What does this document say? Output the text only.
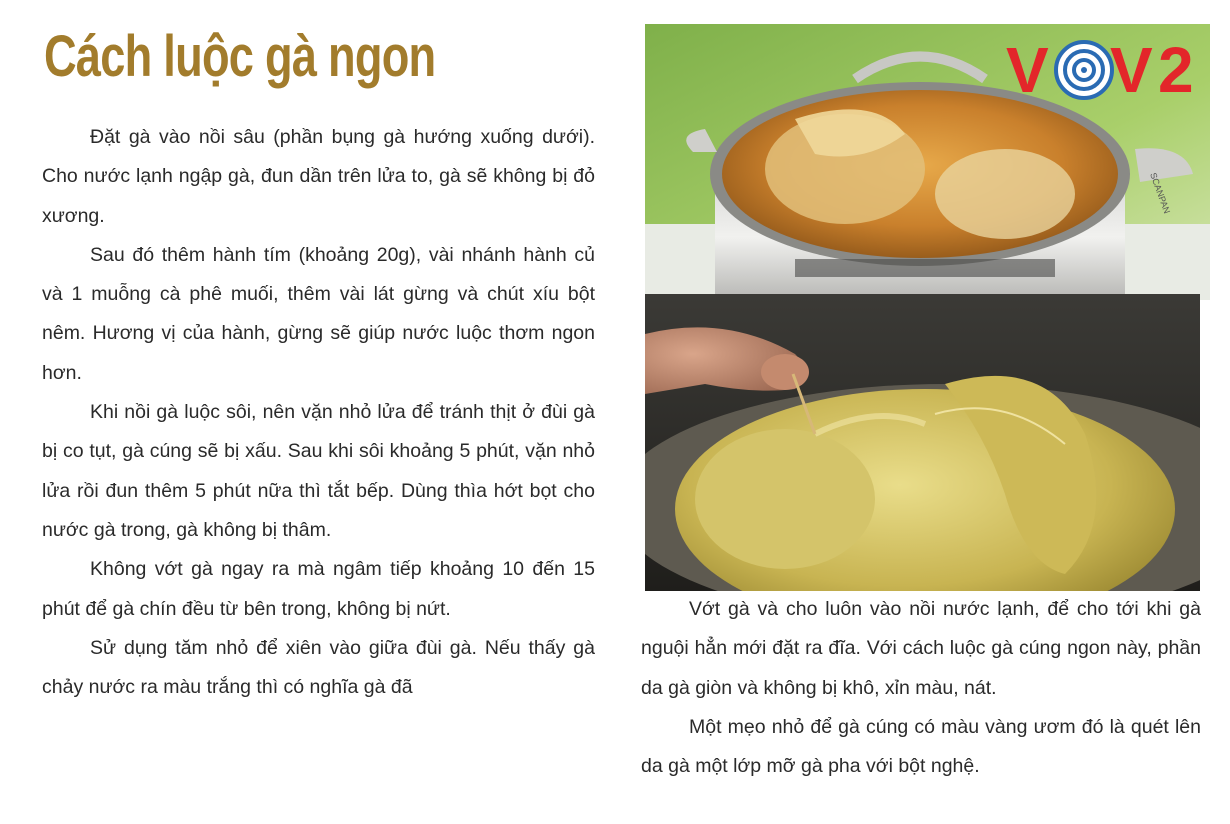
Cách luộc gà ngon

Đặt gà vào nồi sâu (phần bụng gà hướng xuống dưới). Cho nước lạnh ngập gà, đun dần trên lửa to, gà sẽ không bị đỏ xương.

Sau đó thêm hành tím (khoảng 20g), vài nhánh hành củ và 1 muỗng cà phê muối, thêm vài lát gừng và chút xíu bột nêm. Hương vị của hành, gừng sẽ giúp nước luộc thơm ngon hơn.

Khi nồi gà luộc sôi, nên vặn nhỏ lửa để tránh thịt ở đùi gà bị co tụt, gà cúng sẽ bị xấu. Sau khi sôi khoảng 5 phút, vặn nhỏ lửa rồi đun thêm 5 phút nữa thì tắt bếp. Dùng thìa hớt bọt cho nước gà trong, gà không bị thâm.

Không vớt gà ngay ra mà ngâm tiếp khoảng 10 đến 15 phút để gà chín đều từ bên trong, không bị nứt.

Sử dụng tăm nhỏ để xiên vào giữa đùi gà. Nếu thấy gà chảy nước ra màu trắng thì có nghĩa gà đã

SCANPAN
V V 2

Vớt gà và cho luôn vào nồi nước lạnh, để cho tới khi gà nguội hẳn mới đặt ra đĩa. Với cách luộc gà cúng ngon này, phần da gà giòn và không bị khô, xỉn màu, nát.

Một mẹo nhỏ để gà cúng có màu vàng ươm đó là quét lên da gà một lớp mỡ gà pha với bột nghệ.
